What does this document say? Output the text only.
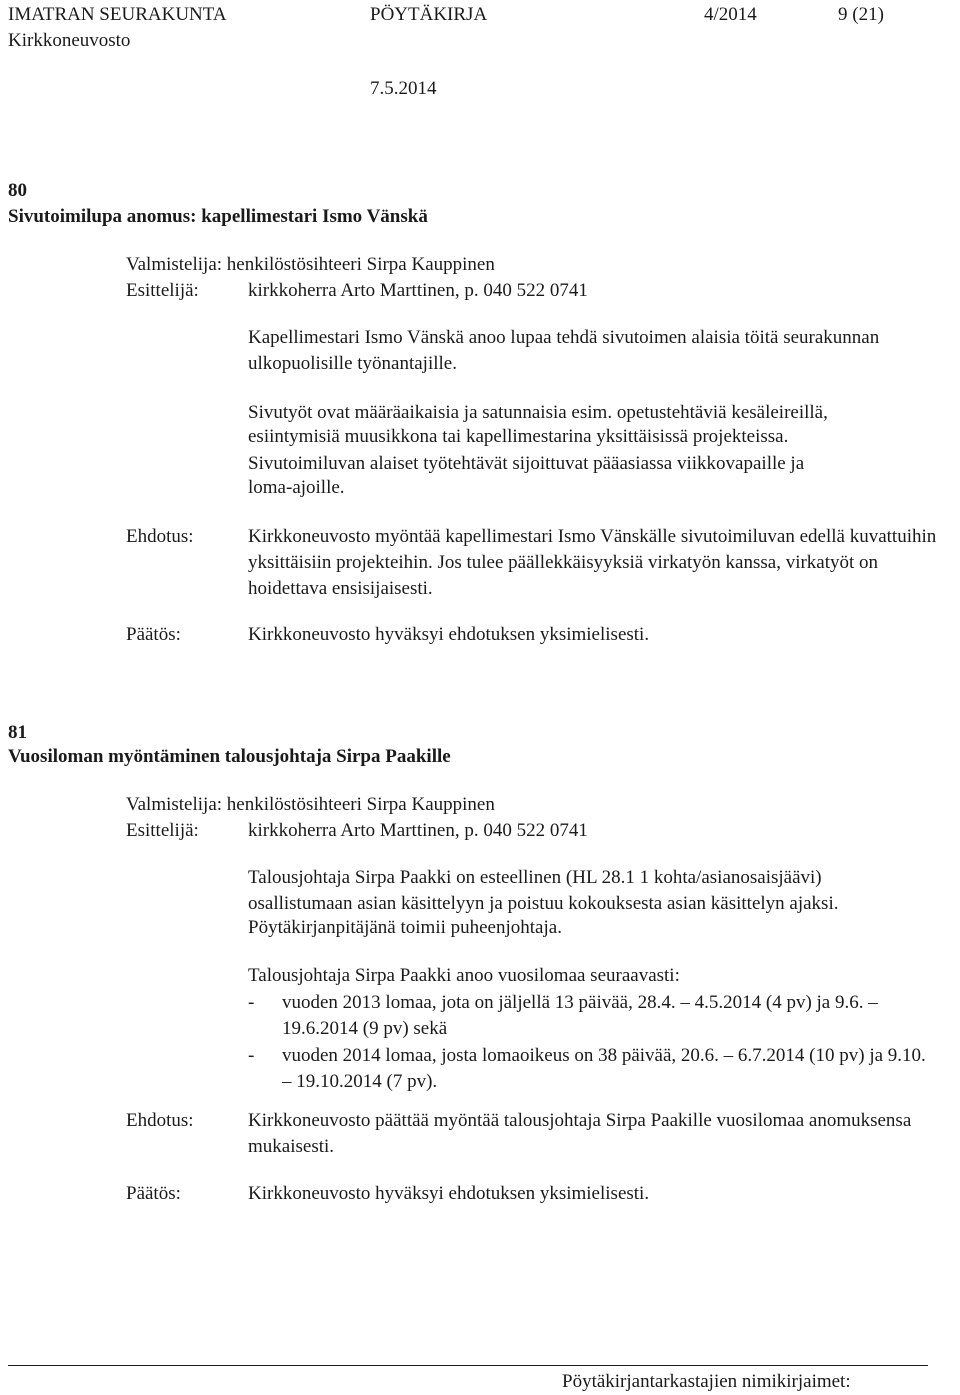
IMATRAN SEURAKUNTA	PÖYTÄKIRJA	4/2014	9 (21)
Kirkkoneuvosto
7.5.2014
80
Sivutoimilupa anomus: kapellimestari Ismo Vänskä
Valmistelija: henkilöstösihteeri Sirpa Kauppinen
Esittelijä:	kirkkoherra Arto Marttinen, p. 040 522 0741
Kapellimestari Ismo Vänskä anoo lupaa tehdä sivutoimen alaisia töitä seurakunnan ulkopuolisille työnantajille.
Sivutyöt ovat määräaikaisia ja satunnaisia esim. opetustehtäviä kesäleireillä,
esiintymisiä muusikkona tai kapellimestarina yksittäisissä projekteissa.
Sivutoimiluvan alaiset työtehtävät sijoittuvat pääasiassa viikkovapaille ja
loma-ajoille.
Ehdotus:	Kirkkoneuvosto myöntää kapellimestari Ismo Vänskälle sivutoimiluvan edellä kuvattuihin yksittäisiin projekteihin. Jos tulee päällekkäisyyksiä virkatyön kanssa, virkatyöt on hoidettava ensisijaisesti.
Päätös:	Kirkkoneuvosto hyväksyi ehdotuksen yksimielisesti.
81
Vuosiloman myöntäminen talousjohtaja Sirpa Paakille
Valmistelija: henkilöstösihteeri Sirpa Kauppinen
Esittelijä:	kirkkoherra Arto Marttinen, p. 040 522 0741
Talousjohtaja Sirpa Paakki on esteellinen (HL 28.1 1 kohta/asianosaisjäävi)
osallistumaan asian käsittelyyn ja poistuu kokouksesta asian käsittelyn ajaksi.
Pöytäkirjanpitäjänä toimii puheenjohtaja.
Talousjohtaja Sirpa Paakki anoo vuosilomaa seuraavasti:
- vuoden 2013 lomaa, jota on jäljellä 13 päivää, 28.4. – 4.5.2014 (4 pv) ja 9.6. – 19.6.2014 (9 pv) sekä
- vuoden 2014 lomaa, josta lomaoikeus on 38 päivää, 20.6. – 6.7.2014 (10 pv) ja 9.10. – 19.10.2014 (7 pv).
Ehdotus:	Kirkkoneuvosto päättää myöntää talousjohtaja Sirpa Paakille vuosilomaa anomuksensa mukaisesti.
Päätös:	Kirkkoneuvosto hyväksyi ehdotuksen yksimielisesti.
Pöytäkirjantarkastajien nimikirjaimet:
